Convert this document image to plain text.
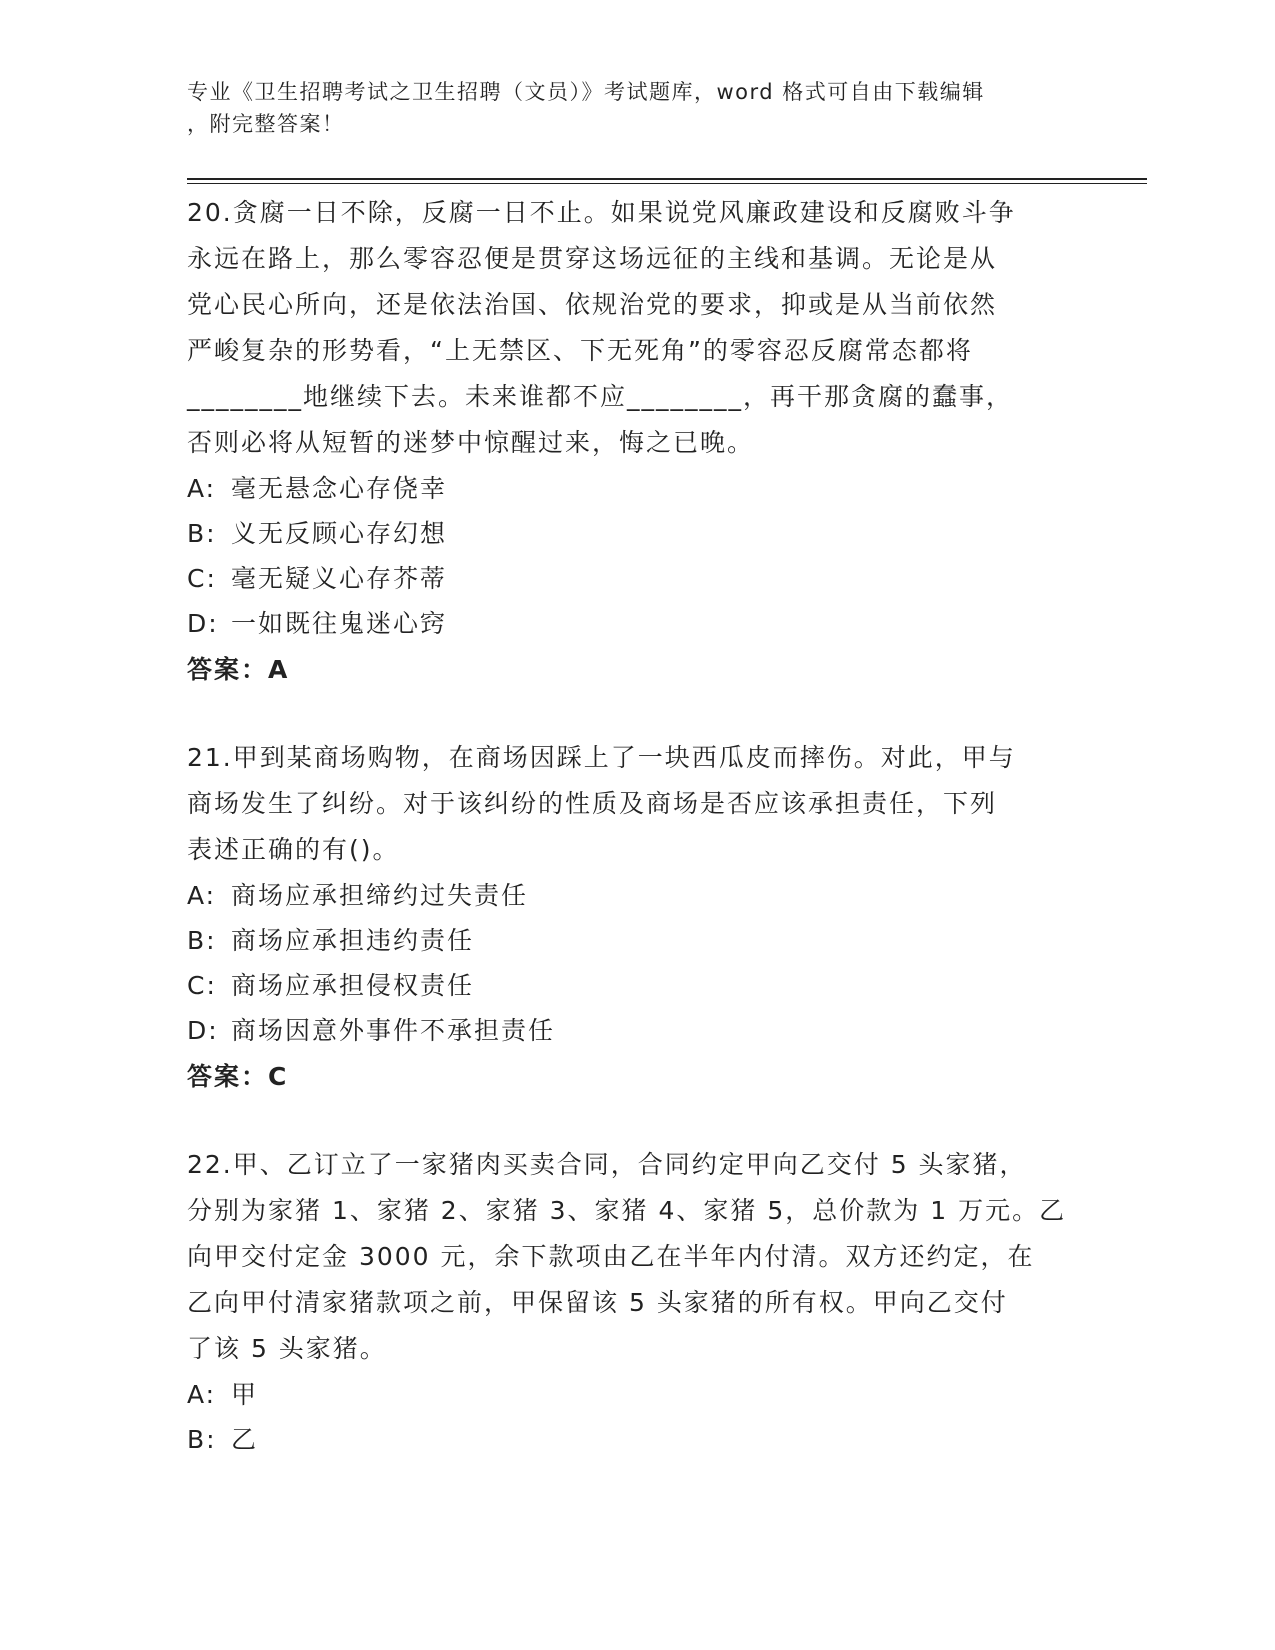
专业《卫生招聘考试之卫生招聘（文员）》考试题库，word 格式可自由下载编辑
，附完整答案！

20.贪腐一日不除，反腐一日不止。如果说党风廉政建设和反腐败斗争

永远在路上，那么零容忍便是贯穿这场远征的主线和基调。无论是从

党心民心所向，还是依法治国、依规治党的要求，抑或是从当前依然

严峻复杂的形势看，“上无禁区、下无死角”的零容忍反腐常态都将

________地继续下去。未来谁都不应________，再干那贪腐的蠢事，

否则必将从短暂的迷梦中惊醒过来，悔之已晚。

A: 毫无悬念心存侥幸

B: 义无反顾心存幻想

C: 毫无疑义心存芥蒂

D: 一如既往鬼迷心窍

答案：A

21.甲到某商场购物，在商场因踩上了一块西瓜皮而摔伤。对此，甲与

商场发生了纠纷。对于该纠纷的性质及商场是否应该承担责任，下列

表述正确的有()。

A: 商场应承担缔约过失责任

B: 商场应承担违约责任

C: 商场应承担侵权责任

D: 商场因意外事件不承担责任

答案：C

22.甲、乙订立了一家猪肉买卖合同，合同约定甲向乙交付 5 头家猪，

分别为家猪 1、家猪 2、家猪 3、家猪 4、家猪 5，总价款为 1 万元。乙

向甲交付定金 3000 元，余下款项由乙在半年内付清。双方还约定，在

乙向甲付清家猪款项之前，甲保留该 5 头家猪的所有权。甲向乙交付

了该 5 头家猪。

A: 甲

B: 乙
